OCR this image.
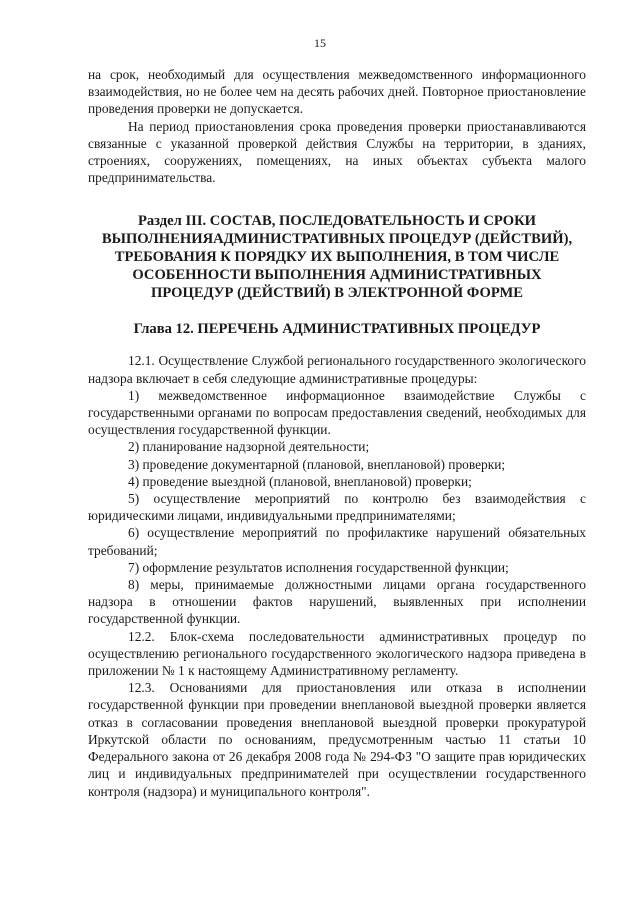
15

на срок, необходимый для осуществления межведомственного информационного взаимодействия, но не более чем на десять рабочих дней. Повторное приостановление проведения проверки не допускается.

На период приостановления срока проведения проверки приостанавливаются связанные с указанной проверкой действия Службы на территории, в зданиях, строениях, сооружениях, помещениях, на иных объектах субъекта малого предпринимательства.

Раздел III. СОСТАВ, ПОСЛЕДОВАТЕЛЬНОСТЬ И СРОКИ
ВЫПОЛНЕНИЯАДМИНИСТРАТИВНЫХ ПРОЦЕДУР (ДЕЙСТВИЙ),
ТРЕБОВАНИЯ К ПОРЯДКУ ИХ ВЫПОЛНЕНИЯ, В ТОМ ЧИСЛЕ
ОСОБЕННОСТИ ВЫПОЛНЕНИЯ АДМИНИСТРАТИВНЫХ
ПРОЦЕДУР (ДЕЙСТВИЙ) В ЭЛЕКТРОННОЙ ФОРМЕ
Глава 12. ПЕРЕЧЕНЬ АДМИНИСТРАТИВНЫХ ПРОЦЕДУР

12.1. Осуществление Службой регионального государственного экологического надзора включает в себя следующие административные процедуры:

1) межведомственное информационное взаимодействие Службы с государственными органами по вопросам предоставления сведений, необходимых для осуществления государственной функции.

2) планирование надзорной деятельности;

3) проведение документарной (плановой, внеплановой) проверки;

4) проведение выездной (плановой, внеплановой) проверки;

5) осуществление мероприятий по контролю без взаимодействия с юридическими лицами, индивидуальными предпринимателями;

6) осуществление мероприятий по профилактике нарушений обязательных требований;

7) оформление результатов исполнения государственной функции;

8) меры, принимаемые должностными лицами органа государственного надзора в отношении фактов нарушений, выявленных при исполнении государственной функции.

12.2. Блок-схема последовательности административных процедур по осуществлению регионального государственного экологического надзора приведена в приложении № 1 к настоящему Административному регламенту.

12.3. Основаниями для приостановления или отказа в исполнении государственной функции при проведении внеплановой выездной проверки является отказ в согласовании проведения внеплановой выездной проверки прокуратурой Иркутской области по основаниям, предусмотренным частью 11 статьи 10 Федерального закона от 26 декабря 2008 года № 294-ФЗ "О защите прав юридических лиц и индивидуальных предпринимателей при осуществлении государственного контроля (надзора) и муниципального контроля".
